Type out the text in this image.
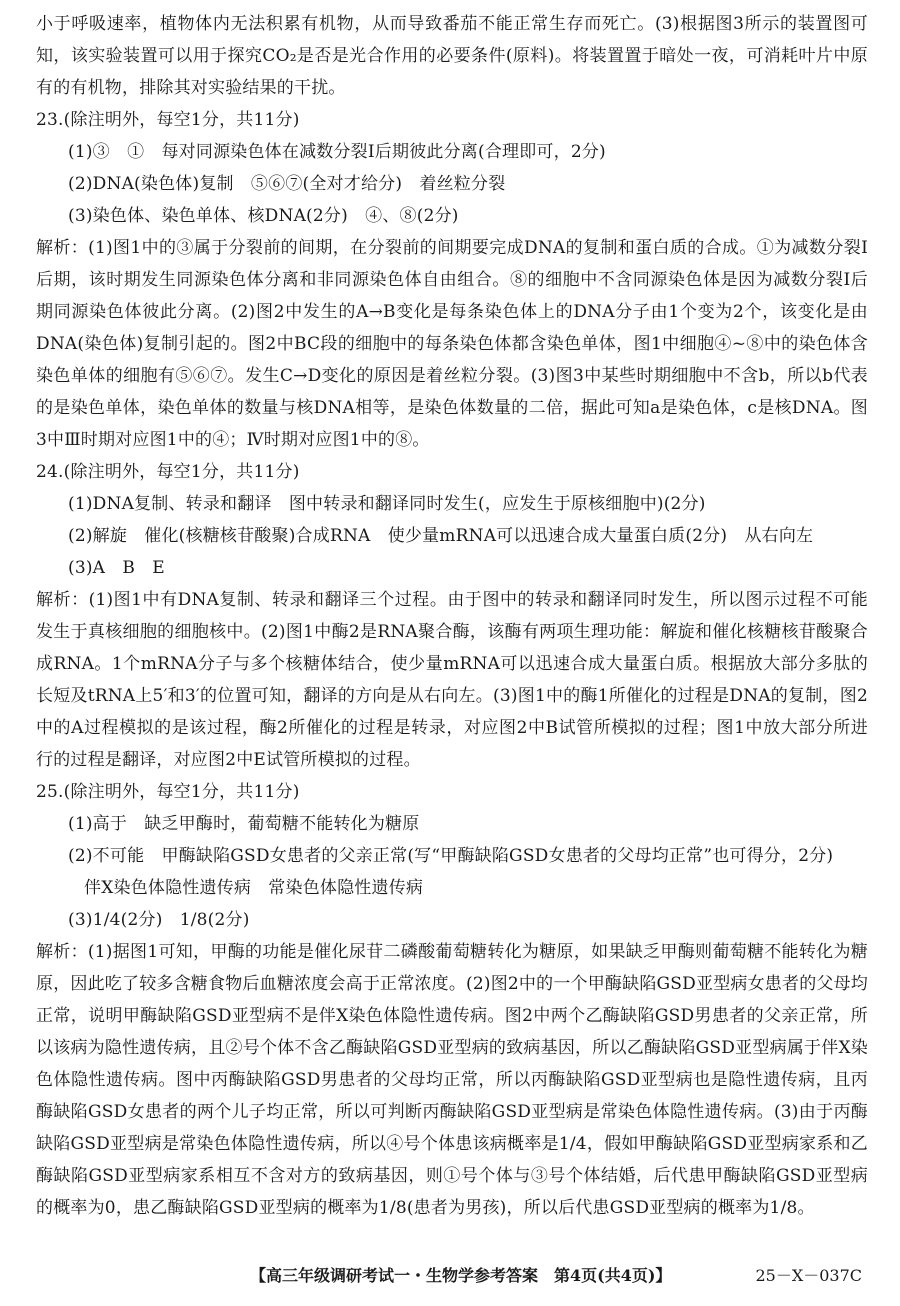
小于呼吸速率，植物体内无法积累有机物，从而导致番茄不能正常生存而死亡。(3)根据图3所示的装置图可知，该实验装置可以用于探究CO₂是否是光合作用的必要条件(原料)。将装置置于暗处一夜，可消耗叶片中原有的有机物，排除其对实验结果的干扰。

23.(除注明外，每空1分，共11分)

(1)③　①　每对同源染色体在减数分裂Ⅰ后期彼此分离(合理即可，2分)

(2)DNA(染色体)复制　⑤⑥⑦(全对才给分)　着丝粒分裂

(3)染色体、染色单体、核DNA(2分)　④、⑧(2分)

解析：(1)图1中的③属于分裂前的间期，在分裂前的间期要完成DNA的复制和蛋白质的合成。①为减数分裂Ⅰ后期，该时期发生同源染色体分离和非同源染色体自由组合。⑧的细胞中不含同源染色体是因为减数分裂Ⅰ后期同源染色体彼此分离。(2)图2中发生的A→B变化是每条染色体上的DNA分子由1个变为2个，该变化是由DNA(染色体)复制引起的。图2中BC段的细胞中的每条染色体都含染色单体，图1中细胞④~⑧中的染色体含染色单体的细胞有⑤⑥⑦。发生C→D变化的原因是着丝粒分裂。(3)图3中某些时期细胞中不含b，所以b代表的是染色单体，染色单体的数量与核DNA相等，是染色体数量的二倍，据此可知a是染色体，c是核DNA。图3中Ⅲ时期对应图1中的④；Ⅳ时期对应图1中的⑧。

24.(除注明外，每空1分，共11分)

(1)DNA复制、转录和翻译　图中转录和翻译同时发生(，应发生于原核细胞中)(2分)

(2)解旋　催化(核糖核苷酸聚)合成RNA　使少量mRNA可以迅速合成大量蛋白质(2分)　从右向左

(3)A　B　E

解析：(1)图1中有DNA复制、转录和翻译三个过程。由于图中的转录和翻译同时发生，所以图示过程不可能发生于真核细胞的细胞核中。(2)图1中酶2是RNA聚合酶，该酶有两项生理功能：解旋和催化核糖核苷酸聚合成RNA。1个mRNA分子与多个核糖体结合，使少量mRNA可以迅速合成大量蛋白质。根据放大部分多肽的长短及tRNA上5′和3′的位置可知，翻译的方向是从右向左。(3)图1中的酶1所催化的过程是DNA的复制，图2中的A过程模拟的是该过程，酶2所催化的过程是转录，对应图2中B试管所模拟的过程；图1中放大部分所进行的过程是翻译，对应图2中E试管所模拟的过程。

25.(除注明外，每空1分，共11分)

(1)高于　缺乏甲酶时，葡萄糖不能转化为糖原

(2)不可能　甲酶缺陷GSD女患者的父亲正常(写“甲酶缺陷GSD女患者的父母均正常”也可得分，2分)

伴X染色体隐性遗传病　常染色体隐性遗传病

(3)1/4(2分)　1/8(2分)

解析：(1)据图1可知，甲酶的功能是催化尿苷二磷酸葡萄糖转化为糖原，如果缺乏甲酶则葡萄糖不能转化为糖原，因此吃了较多含糖食物后血糖浓度会高于正常浓度。(2)图2中的一个甲酶缺陷GSD亚型病女患者的父母均正常，说明甲酶缺陷GSD亚型病不是伴X染色体隐性遗传病。图2中两个乙酶缺陷GSD男患者的父亲正常，所以该病为隐性遗传病，且②号个体不含乙酶缺陷GSD亚型病的致病基因，所以乙酶缺陷GSD亚型病属于伴X染色体隐性遗传病。图中丙酶缺陷GSD男患者的父母均正常，所以丙酶缺陷GSD亚型病也是隐性遗传病，且丙酶缺陷GSD女患者的两个儿子均正常，所以可判断丙酶缺陷GSD亚型病是常染色体隐性遗传病。(3)由于丙酶缺陷GSD亚型病是常染色体隐性遗传病，所以④号个体患该病概率是1/4，假如甲酶缺陷GSD亚型病家系和乙酶缺陷GSD亚型病家系相互不含对方的致病基因，则①号个体与③号个体结婚，后代患甲酶缺陷GSD亚型病的概率为0，患乙酶缺陷GSD亚型病的概率为1/8(患者为男孩)，所以后代患GSD亚型病的概率为1/8。

【高三年级调研考试一・生物学参考答案　第4页(共4页)】	25－X－037C
